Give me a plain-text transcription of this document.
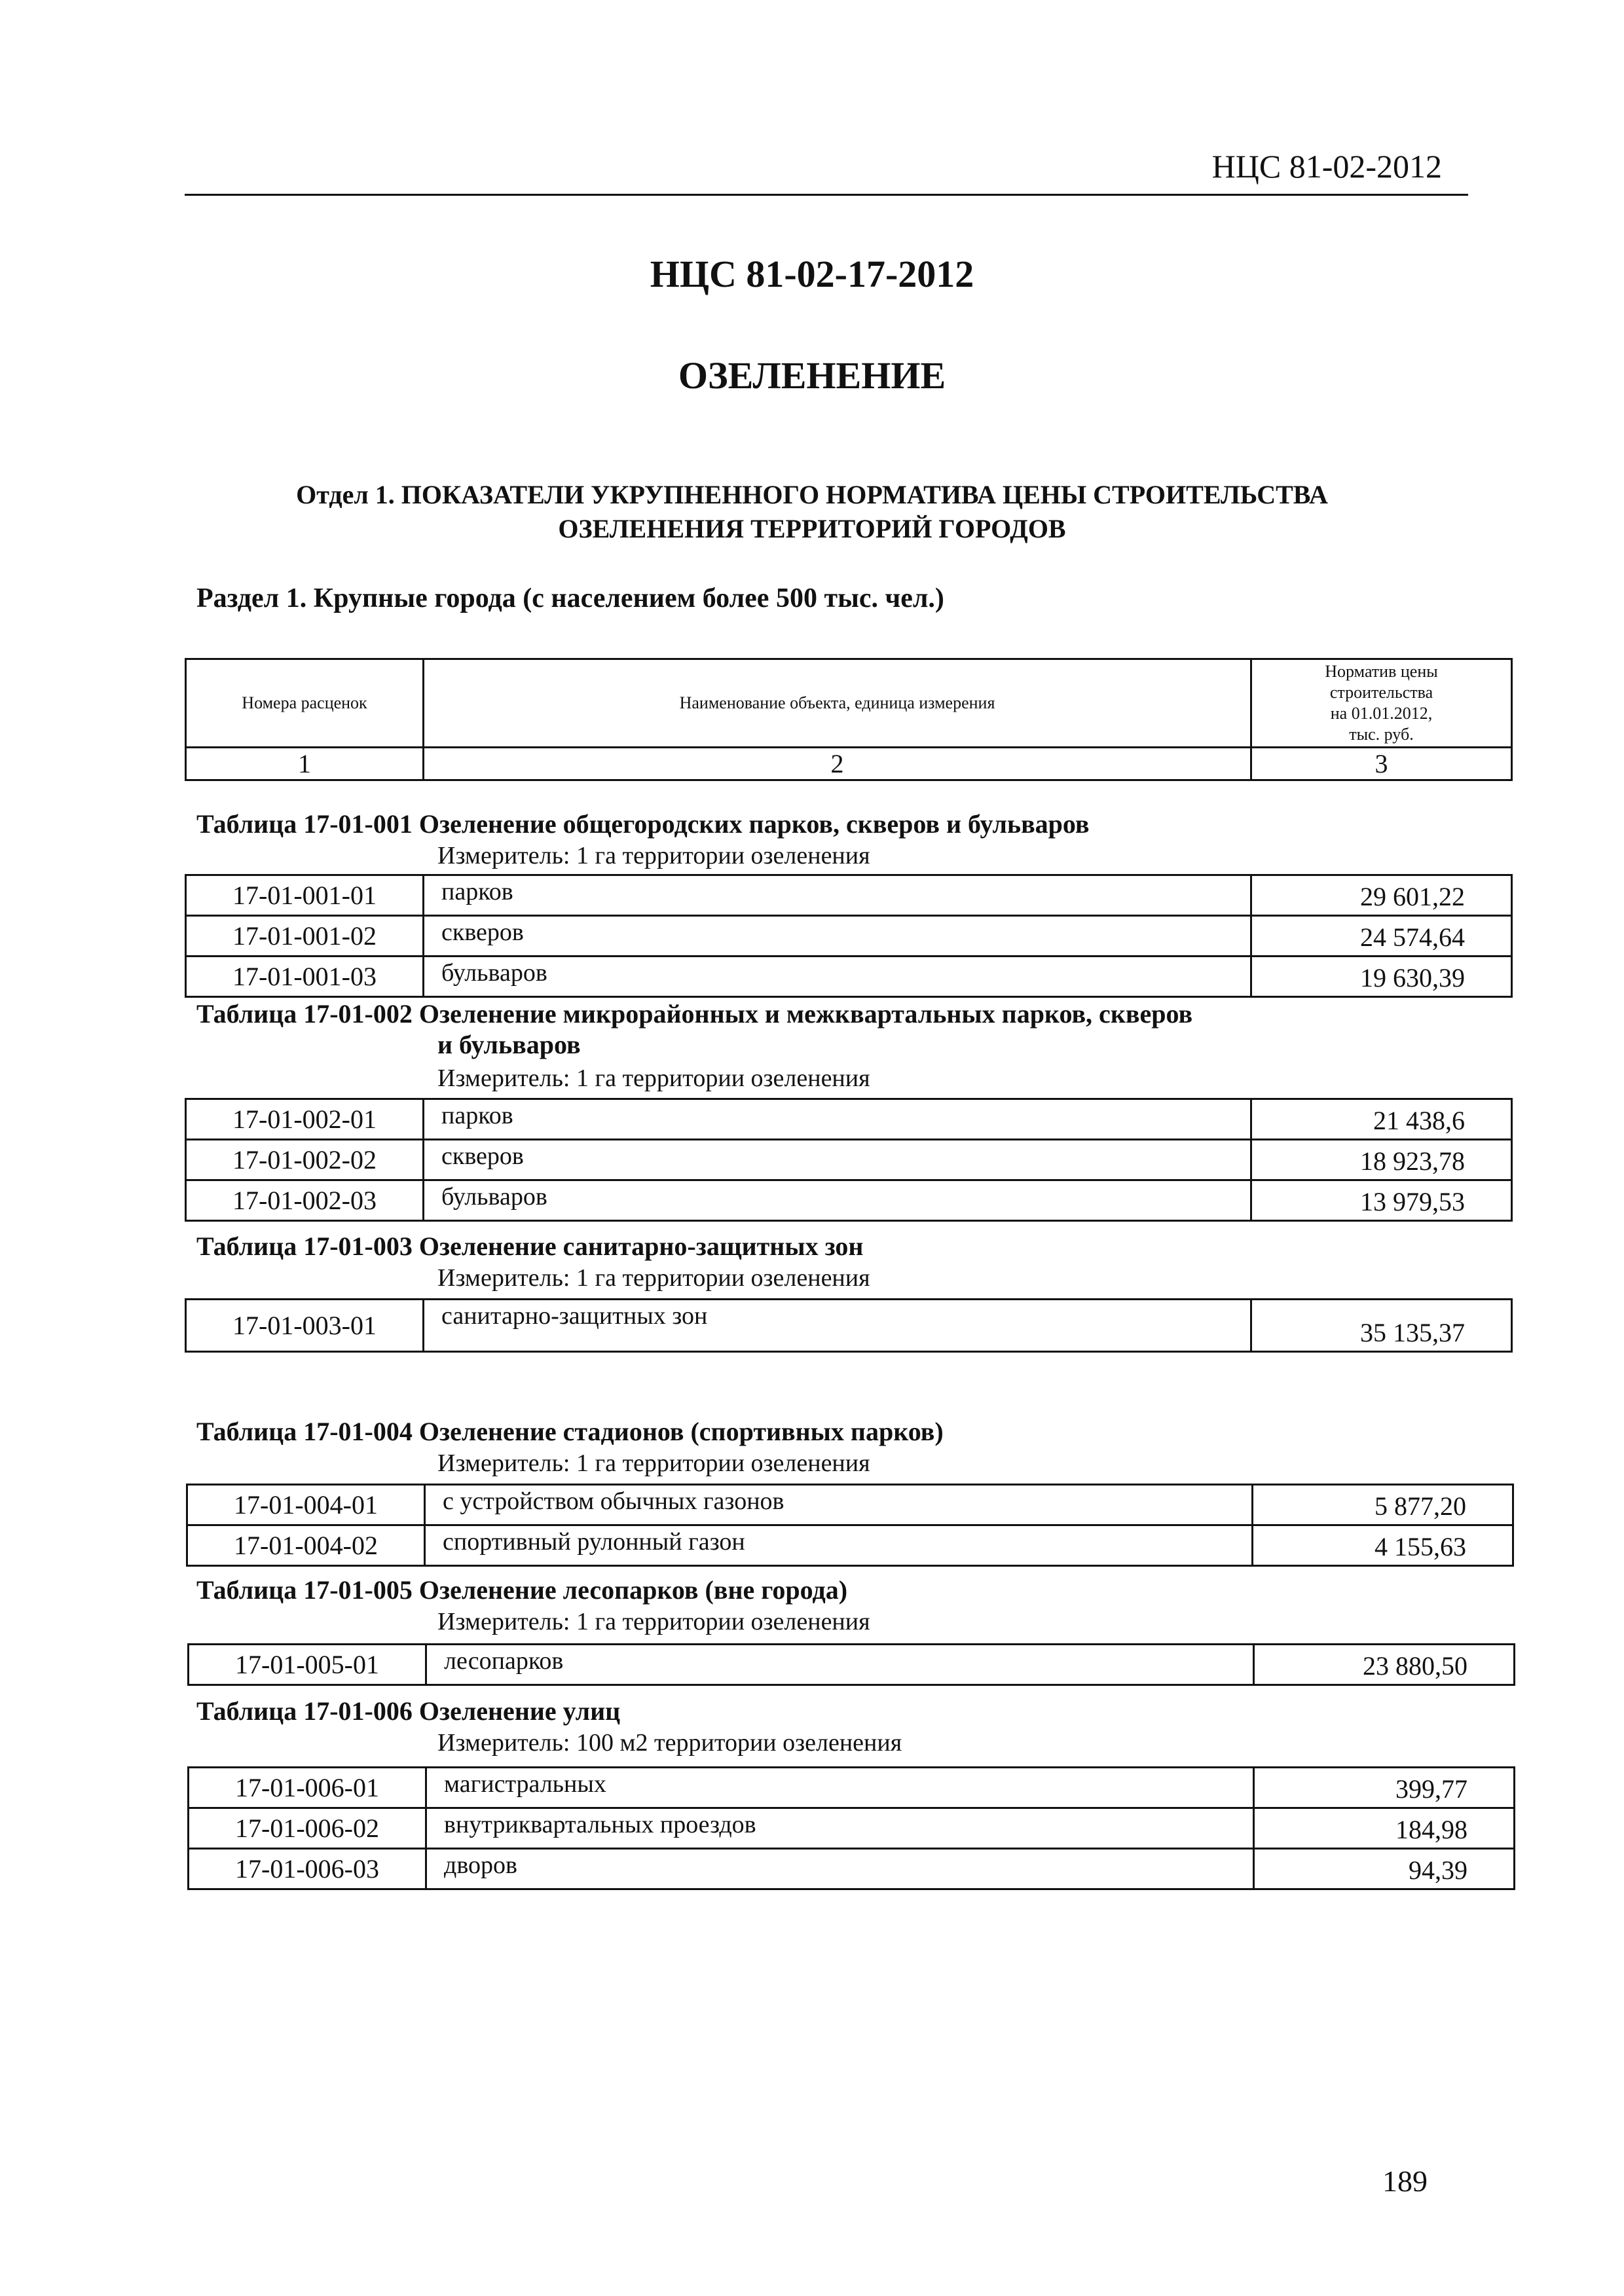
НЦС 81-02-2012
НЦС 81-02-17-2012
ОЗЕЛЕНЕНИЕ
Отдел 1. ПОКАЗАТЕЛИ УКРУПНЕННОГО НОРМАТИВА ЦЕНЫ СТРОИТЕЛЬСТВА
ОЗЕЛЕНЕНИЯ ТЕРРИТОРИЙ ГОРОДОВ
Раздел 1. Крупные города (с населением более 500 тыс. чел.)
Номера расценок	Наименование объекта, единица измерения	Норматив цены
строительства
на 01.01.2012,
тыс. руб.

1	2	3
Таблица 17-01-001 Озеленение общегородских парков, скверов и бульваров
Измеритель: 1 га территории озеленения
17-01-001-01	парков	29 601,22
17-01-001-02	скверов	24 574,64
17-01-001-03	бульваров	19 630,39
Таблица 17-01-002 Озеленение микрорайонных и межквартальных парков, скверов
и бульваров
Измеритель: 1 га территории озеленения
17-01-002-01	парков	21 438,6
17-01-002-02	скверов	18 923,78
17-01-002-03	бульваров	13 979,53
Таблица 17-01-003 Озеленение санитарно-защитных зон
Измеритель: 1 га территории озеленения
17-01-003-01	санитарно-защитных зон	35 135,37
Таблица 17-01-004 Озеленение стадионов (спортивных парков)
Измеритель: 1 га территории озеленения
17-01-004-01	с устройством обычных газонов	5 877,20
17-01-004-02	спортивный рулонный газон	4 155,63
Таблица 17-01-005 Озеленение лесопарков (вне города)
Измеритель: 1 га территории озеленения
17-01-005-01	лесопарков	23 880,50
Таблица 17-01-006 Озеленение улиц
Измеритель: 100 м2 территории озеленения
17-01-006-01	магистральных	399,77
17-01-006-02	внутриквартальных проездов	184,98
17-01-006-03	дворов	94,39
189
